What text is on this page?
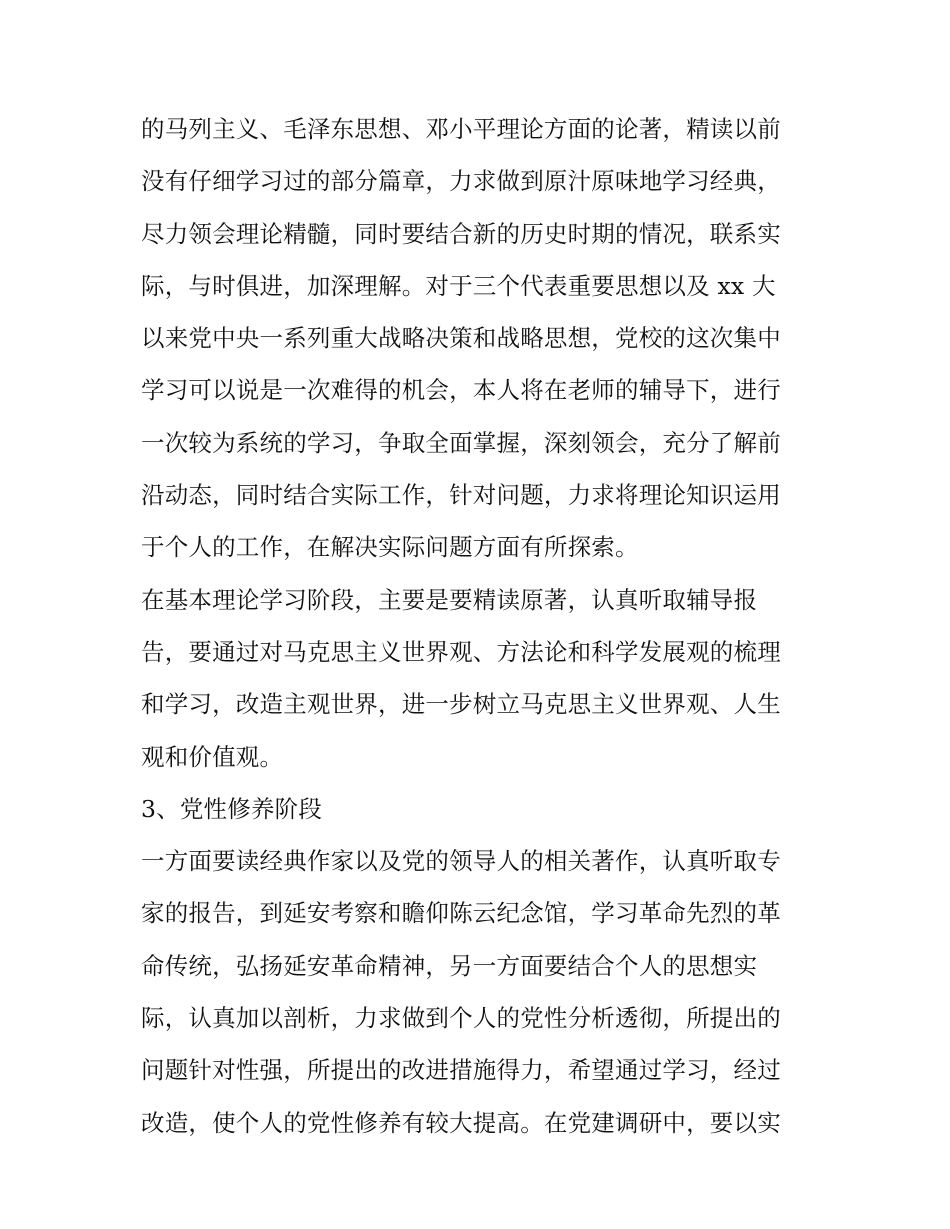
的马列主义、毛泽东思想、邓小平理论方面的论著，精读以前
没有仔细学习过的部分篇章，力求做到原汁原味地学习经典，
尽力领会理论精髓，同时要结合新的历史时期的情况，联系实
际，与时俱进，加深理解。对于三个代表重要思想以及 xx 大
以来党中央一系列重大战略决策和战略思想，党校的这次集中
学习可以说是一次难得的机会，本人将在老师的辅导下，进行
一次较为系统的学习，争取全面掌握，深刻领会，充分了解前
沿动态，同时结合实际工作，针对问题，力求将理论知识运用
于个人的工作，在解决实际问题方面有所探索。
在基本理论学习阶段，主要是要精读原著，认真听取辅导报
告，要通过对马克思主义世界观、方法论和科学发展观的梳理
和学习，改造主观世界，进一步树立马克思主义世界观、人生
观和价值观。
3、党性修养阶段
一方面要读经典作家以及党的领导人的相关著作，认真听取专
家的报告，到延安考察和瞻仰陈云纪念馆，学习革命先烈的革
命传统，弘扬延安革命精神，另一方面要结合个人的思想实
际，认真加以剖析，力求做到个人的党性分析透彻，所提出的
问题针对性强，所提出的改进措施得力，希望通过学习，经过
改造，使个人的党性修养有较大提高。在党建调研中，要以实
